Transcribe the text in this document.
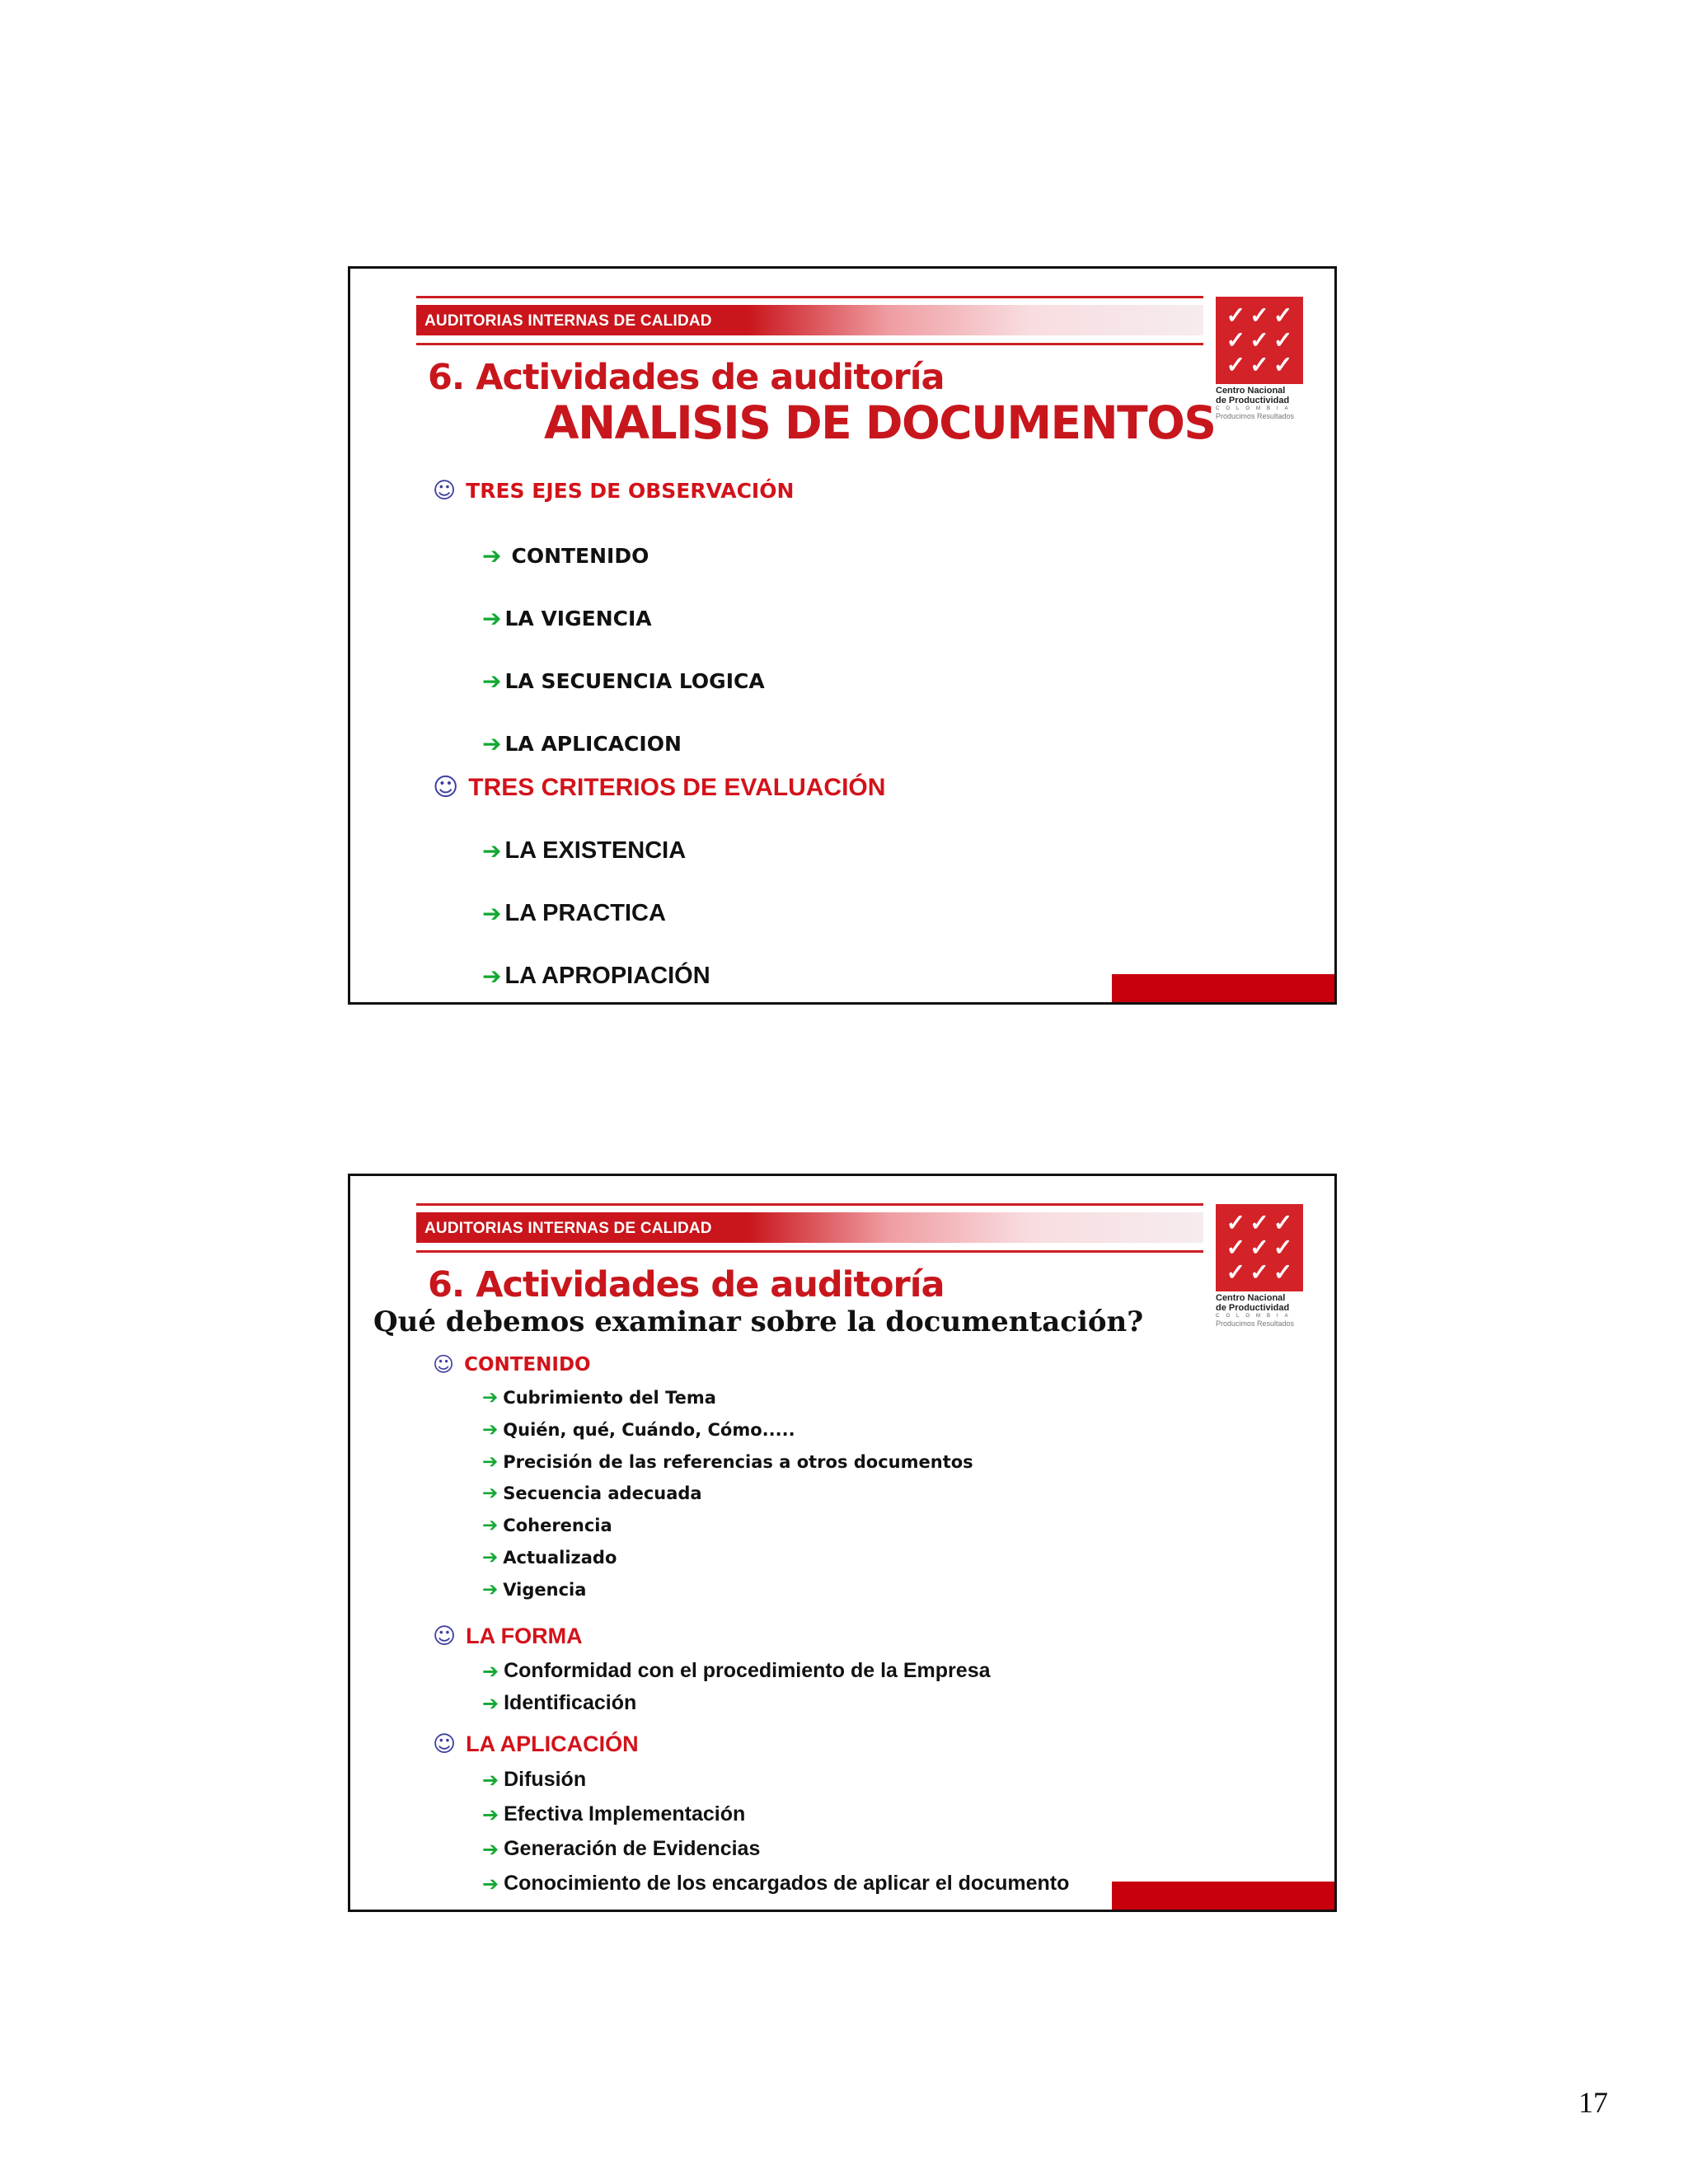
AUDITORIAS INTERNAS DE CALIDAD	✓ ✓ ✓
✓ ✓ ✓
✓ ✓ ✓
Centro Nacional
de Productividad
COLOMBIA
Producimos Resultados
6. Actividades de auditoría
ANALISIS DE DOCUMENTOS
☺ TRES EJES DE OBSERVACIÓN
➔ CONTENIDO
➔ LA VIGENCIA
➔ LA SECUENCIA LOGICA
➔ LA APLICACION
☺ TRES CRITERIOS DE EVALUACIÓN
➔ LA EXISTENCIA
➔ LA PRACTICA
➔ LA APROPIACIÓN
AUDITORIAS INTERNAS DE CALIDAD	✓ ✓ ✓
✓ ✓ ✓
✓ ✓ ✓
Centro Nacional
de Productividad
COLOMBIA
Producimos Resultados
6. Actividades de auditoría
Qué debemos examinar sobre la documentación?
☺ CONTENIDO
➔ Cubrimiento del Tema
➔ Quién, qué, Cuándo, Cómo.....
➔ Precisión de las referencias a otros documentos
➔ Secuencia adecuada
➔ Coherencia
➔ Actualizado
➔ Vigencia
☺ LA FORMA
➔ Conformidad con el procedimiento de la Empresa
➔ Identificación
☺ LA APLICACIÓN
➔ Difusión
➔ Efectiva Implementación
➔ Generación de Evidencias
➔ Conocimiento de los encargados de aplicar el documento
17
